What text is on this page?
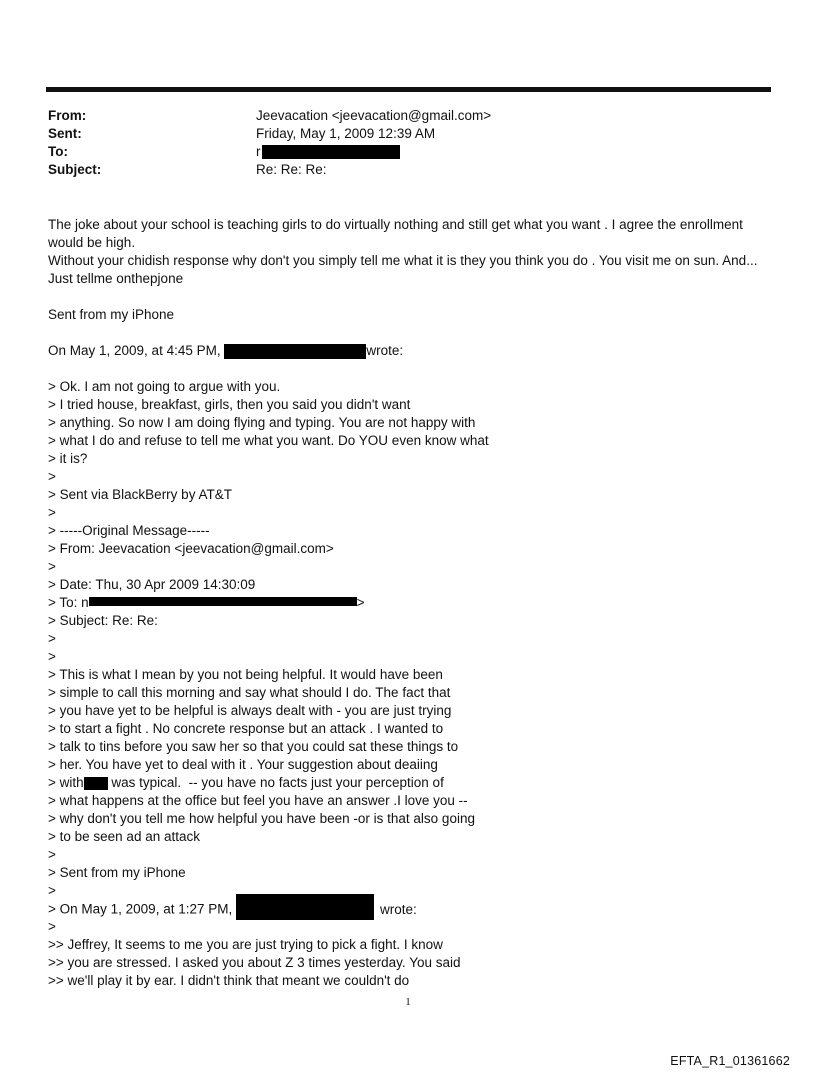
From:	Jeevacation <jeevacation@gmail.com>
Sent:	Friday, May 1, 2009 12:39 AM
To:	r
Subject:	Re: Re: Re:

The joke about your school is teaching girls to do virtually nothing and still get what you want . I agree the enrollment would be high.

Without your chidish response why don't you simply tell me what it is they you think you do . You visit me on sun. And... Just tellme onthepjone

Sent from my iPhone

On May 1, 2009, at 4:45 PM,	wrote:

> Ok. I am not going to argue with you.

> I tried house, breakfast, girls, then you said you didn't want

> anything. So now I am doing flying and typing. You are not happy with

> what I do and refuse to tell me what you want. Do YOU even know what

> it is?

>

> Sent via BlackBerry by AT&T

>

> -----Original Message-----

> From: Jeevacation <jeevacation@gmail.com>

>

> Date: Thu, 30 Apr 2009 14:30:09

> To: n	>

> Subject: Re: Re:

>

>

> This is what I mean by you not being helpful. It would have been

> simple to call this morning and say what should I do. The fact that

> you have yet to be helpful is always dealt with - you are just trying

> to start a fight . No concrete response but an attack . I wanted to

> talk to tins before you saw her so that you could sat these things to

> her. You have yet to deal with it . Your suggestion about deaiing

> with was typical.  -- you have no facts just your perception of

> what happens at the office but feel you have an answer .I love you --

> why don't you tell me how helpful you have been -or is that also going

> to be seen ad an attack

>

> Sent from my iPhone

>

> On May 1, 2009, at 1:27 PM,	wrote:

>

>> Jeffrey, It seems to me you are just trying to pick a fight. I know

>> you are stressed. I asked you about Z 3 times yesterday. You said

>> we'll play it by ear. I didn't think that meant we couldn't do

1
EFTA_R1_01361662
